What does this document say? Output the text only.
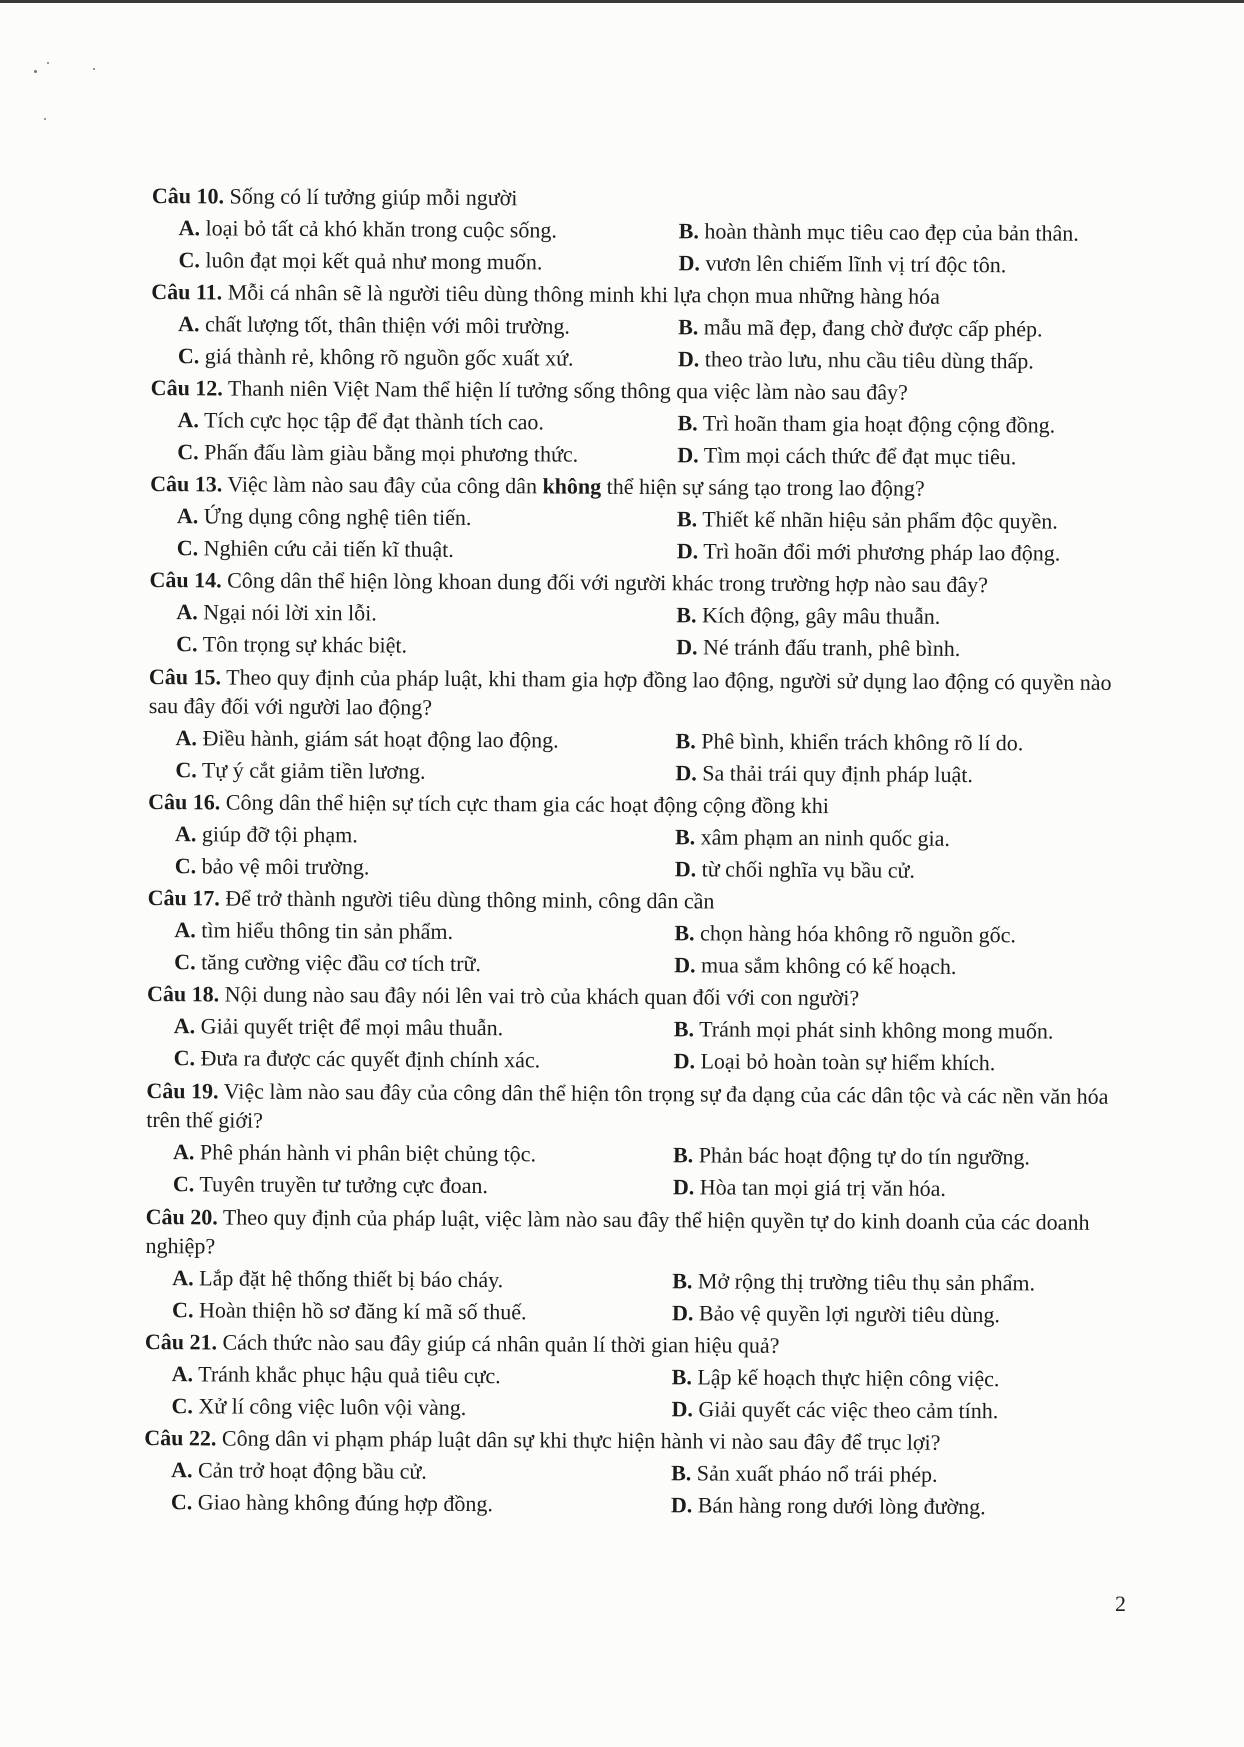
Câu 10. Sống có lí tưởng giúp mỗi người
A. loại bỏ tất cả khó khăn trong cuộc sống.	B. hoàn thành mục tiêu cao đẹp của bản thân.
C. luôn đạt mọi kết quả như mong muốn.	D. vươn lên chiếm lĩnh vị trí độc tôn.
Câu 11. Mỗi cá nhân sẽ là người tiêu dùng thông minh khi lựa chọn mua những hàng hóa
A. chất lượng tốt, thân thiện với môi trường.	B. mẫu mã đẹp, đang chờ được cấp phép.
C. giá thành rẻ, không rõ nguồn gốc xuất xứ.	D. theo trào lưu, nhu cầu tiêu dùng thấp.
Câu 12. Thanh niên Việt Nam thể hiện lí tưởng sống thông qua việc làm nào sau đây?
A. Tích cực học tập để đạt thành tích cao.	B. Trì hoãn tham gia hoạt động cộng đồng.
C. Phấn đấu làm giàu bằng mọi phương thức.	D. Tìm mọi cách thức để đạt mục tiêu.
Câu 13. Việc làm nào sau đây của công dân không thể hiện sự sáng tạo trong lao động?
A. Ứng dụng công nghệ tiên tiến.	B. Thiết kế nhãn hiệu sản phẩm độc quyền.
C. Nghiên cứu cải tiến kĩ thuật.	D. Trì hoãn đổi mới phương pháp lao động.
Câu 14. Công dân thể hiện lòng khoan dung đối với người khác trong trường hợp nào sau đây?
A. Ngại nói lời xin lỗi.	B. Kích động, gây mâu thuẫn.
C. Tôn trọng sự khác biệt.	D. Né tránh đấu tranh, phê bình.
Câu 15. Theo quy định của pháp luật, khi tham gia hợp đồng lao động, người sử dụng lao động có quyền nào sau đây đối với người lao động?
A. Điều hành, giám sát hoạt động lao động.	B. Phê bình, khiển trách không rõ lí do.
C. Tự ý cắt giảm tiền lương.	D. Sa thải trái quy định pháp luật.
Câu 16. Công dân thể hiện sự tích cực tham gia các hoạt động cộng đồng khi
A. giúp đỡ tội phạm.	B. xâm phạm an ninh quốc gia.
C. bảo vệ môi trường.	D. từ chối nghĩa vụ bầu cử.
Câu 17. Để trở thành người tiêu dùng thông minh, công dân cần
A. tìm hiểu thông tin sản phẩm.	B. chọn hàng hóa không rõ nguồn gốc.
C. tăng cường việc đầu cơ tích trữ.	D. mua sắm không có kế hoạch.
Câu 18. Nội dung nào sau đây nói lên vai trò của khách quan đối với con người?
A. Giải quyết triệt để mọi mâu thuẫn.	B. Tránh mọi phát sinh không mong muốn.
C. Đưa ra được các quyết định chính xác.	D. Loại bỏ hoàn toàn sự hiểm khích.
Câu 19. Việc làm nào sau đây của công dân thể hiện tôn trọng sự đa dạng của các dân tộc và các nền văn hóa trên thế giới?
A. Phê phán hành vi phân biệt chủng tộc.	B. Phản bác hoạt động tự do tín ngưỡng.
C. Tuyên truyền tư tưởng cực đoan.	D. Hòa tan mọi giá trị văn hóa.
Câu 20. Theo quy định của pháp luật, việc làm nào sau đây thể hiện quyền tự do kinh doanh của các doanh nghiệp?
A. Lắp đặt hệ thống thiết bị báo cháy.	B. Mở rộng thị trường tiêu thụ sản phẩm.
C. Hoàn thiện hồ sơ đăng kí mã số thuế.	D. Bảo vệ quyền lợi người tiêu dùng.
Câu 21. Cách thức nào sau đây giúp cá nhân quản lí thời gian hiệu quả?
A. Tránh khắc phục hậu quả tiêu cực.	B. Lập kế hoạch thực hiện công việc.
C. Xử lí công việc luôn vội vàng.	D. Giải quyết các việc theo cảm tính.
Câu 22. Công dân vi phạm pháp luật dân sự khi thực hiện hành vi nào sau đây để trục lợi?
A. Cản trở hoạt động bầu cử.	B. Sản xuất pháo nổ trái phép.
C. Giao hàng không đúng hợp đồng.	D. Bán hàng rong dưới lòng đường.
2
